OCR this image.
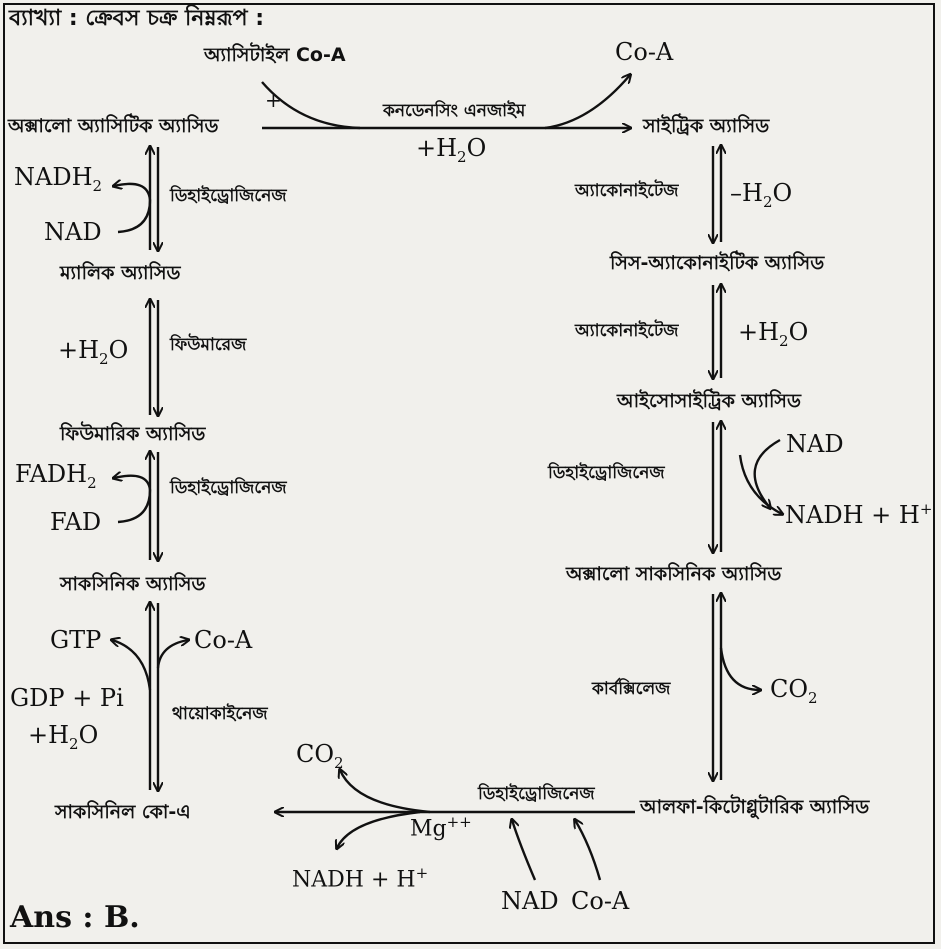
ব্যাখ্যা : ক্রেবস চক্র নিম্নরূপ :
অ্যাসিটাইল Co-A
অক্সালো অ্যাসিটিক অ্যাসিড	সাইট্রিক অ্যাসিড
সিস-অ্যাকোনাইটিক অ্যাসিড
আইসোসাইট্রিক অ্যাসিড
অক্সালো সাকসিনিক অ্যাসিড
আলফা-কিটোগ্লুটারিক অ্যাসিড
সাকসিনিল কো-এ
সাকসিনিক অ্যাসিড
ফিউমারিক অ্যাসিড
ম্যালিক অ্যাসিড
কনডেনসিং এনজাইম
অ্যাকোনাইটেজ
অ্যাকোনাইটেজ
ডিহাইড্রোজিনেজ
কার্বক্সিলেজ
ডিহাইড্রোজিনেজ
থায়োকাইনেজ
ডিহাইড্রোজিনেজ
ফিউমারেজ
ডিহাইড্রোজিনেজ
+
Co-A
$+H_2O$
$-H_2O$
$+H_2O$
NAD
NADH + H+
$CO_2$
Mg++
$CO_2$
NADH + H+
NAD Co-A
GTP	Co-A
GDP + Pi
$+H_2O$
$FADH_2$
FAD
$+H_2O$
$NADH_2$
NAD
Ans : B.
